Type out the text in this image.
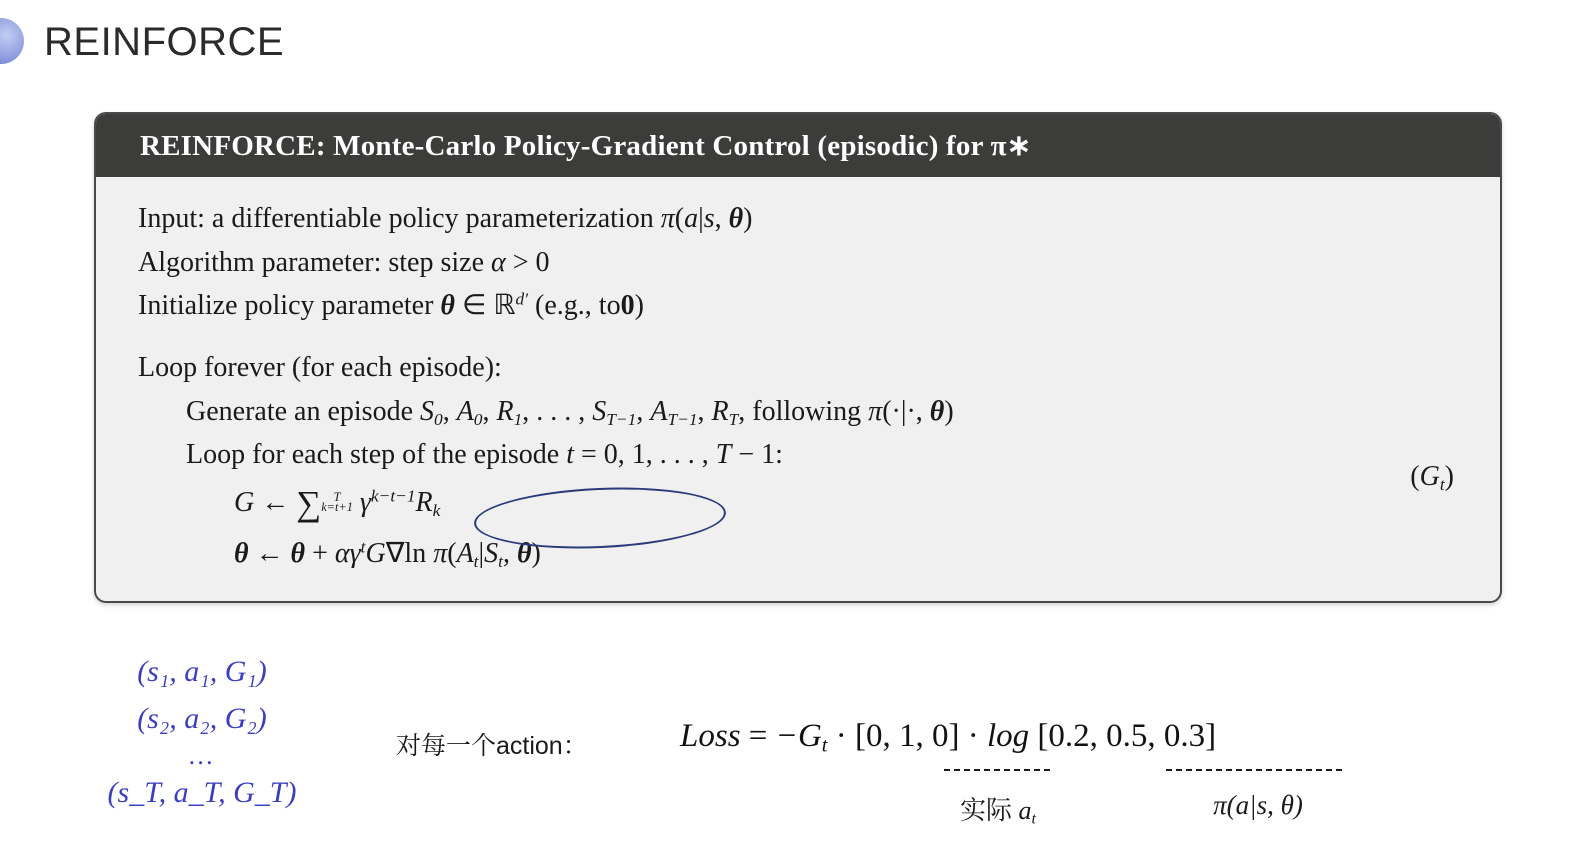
REINFORCE
REINFORCE: Monte-Carlo Policy-Gradient Control (episodic) for π∗
Input: a differentiable policy parameterization π(a|s, θ)
Algorithm parameter: step size α > 0
Initialize policy parameter θ ∈ ℝ$^{d'}$ (e.g., to0)
Loop forever (for each episode):
Generate an episode $S_0$, $A_0$, $R_1$, . . . , $S_{T-1}$, $A_{T-1}$, $R_T$, following π(·|·, θ)
Loop for each step of the episode t = 0, 1, . . . , T − 1:
G ← ∑	T
k=t+1 $\gamma^{k-t-1}R_k$
θ ← $\theta + \alpha\gamma^tG\nabla\ln$ $\pi(A_t|S_t$, θ)
$(G_t)$
(s₁, a₁, G₁)
(s₂, a₂, G₂)
…
(s_T, a_T, G_T)
对每一个action：	Loss = $-G_t \cdot [0$, 1, 0] · log [0.2, 0.5, 0.3]
实际 $a_t$	π(a|s, θ)
